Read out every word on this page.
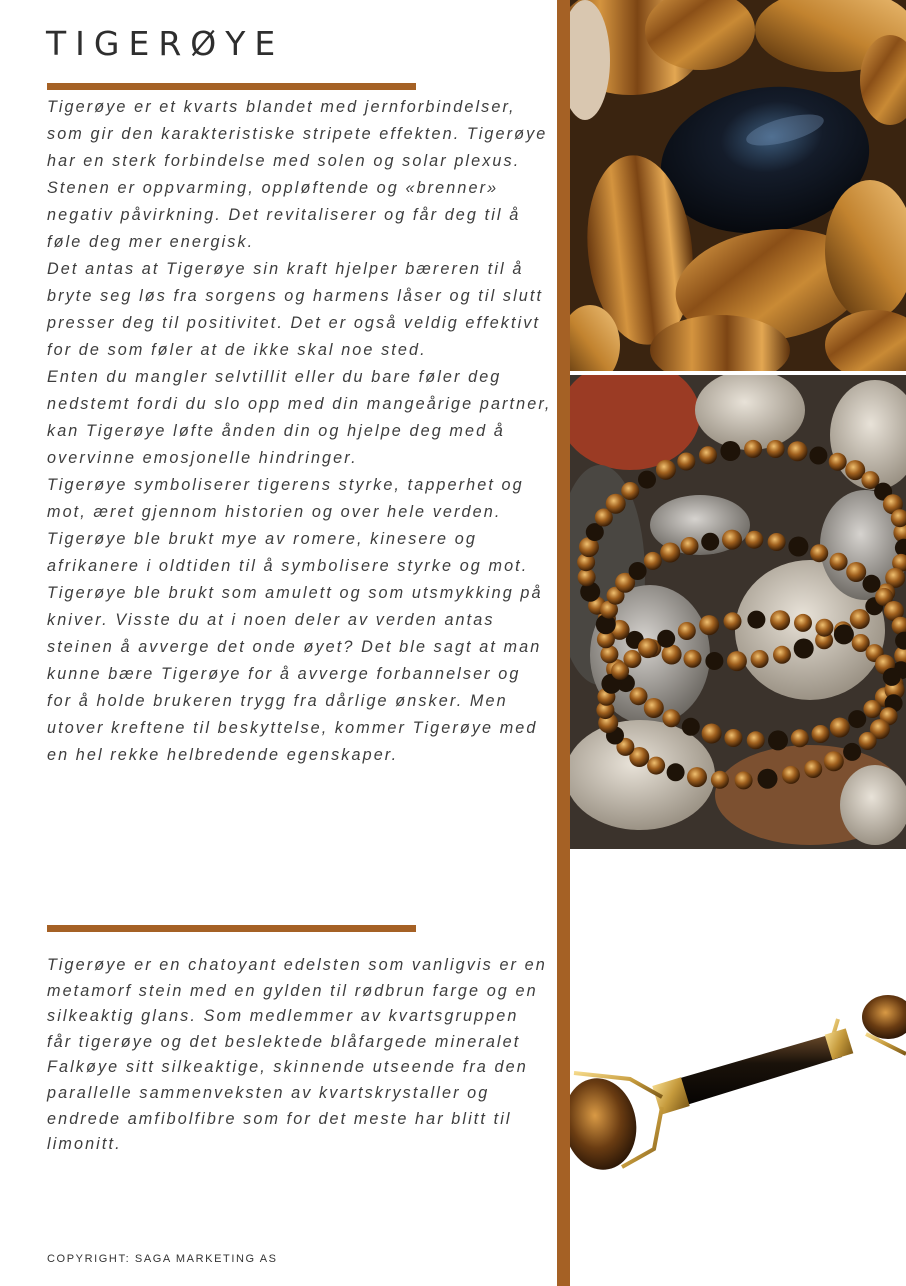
TIGERØYE

Tigerøye er et kvarts blandet med jernforbindelser, som gir den karakteristiske stripete effekten. Tigerøye har en sterk forbindelse med solen og solar plexus. Stenen er oppvarming, oppløftende og «brenner» negativ påvirkning. Det revitaliserer og får deg til å føle deg mer energisk.

Det antas at Tigerøye sin kraft hjelper bæreren til å bryte seg løs fra sorgens og harmens låser og til slutt presser deg til positivitet. Det er også veldig effektivt for de som føler at de ikke skal noe sted.

Enten du mangler selvtillit eller du bare føler deg nedstemt fordi du slo opp med din mangeårige partner, kan Tigerøye løfte ånden din og hjelpe deg med å overvinne emosjonelle hindringer.

Tigerøye symboliserer tigerens styrke, tapperhet og mot, æret gjennom historien og over hele verden. Tigerøye ble brukt mye av romere, kinesere og afrikanere i oldtiden til å symbolisere styrke og mot. Tigerøye ble brukt som amulett og som utsmykking på kniver. Visste du at i noen deler av verden antas steinen å avverge det onde øyet? Det ble sagt at man kunne bære Tigerøye for å avverge forbannelser og for å holde brukeren trygg fra dårlige ønsker. Men utover kreftene til beskyttelse, kommer Tigerøye med en hel rekke helbredende egenskaper.

Tigerøye er en chatoyant edelsten som vanligvis er en metamorf stein med en gylden til rødbrun farge og en silkeaktig glans. Som medlemmer av kvartsgruppen får tigerøye og det beslektede blåfargede mineralet Falkøye sitt silkeaktige, skinnende utseende fra den parallelle sammenveksten av kvartskrystaller og endrede amfibolfibre som for det meste har blitt til limonitt.

COPYRIGHT: SAGA MARKETING AS
